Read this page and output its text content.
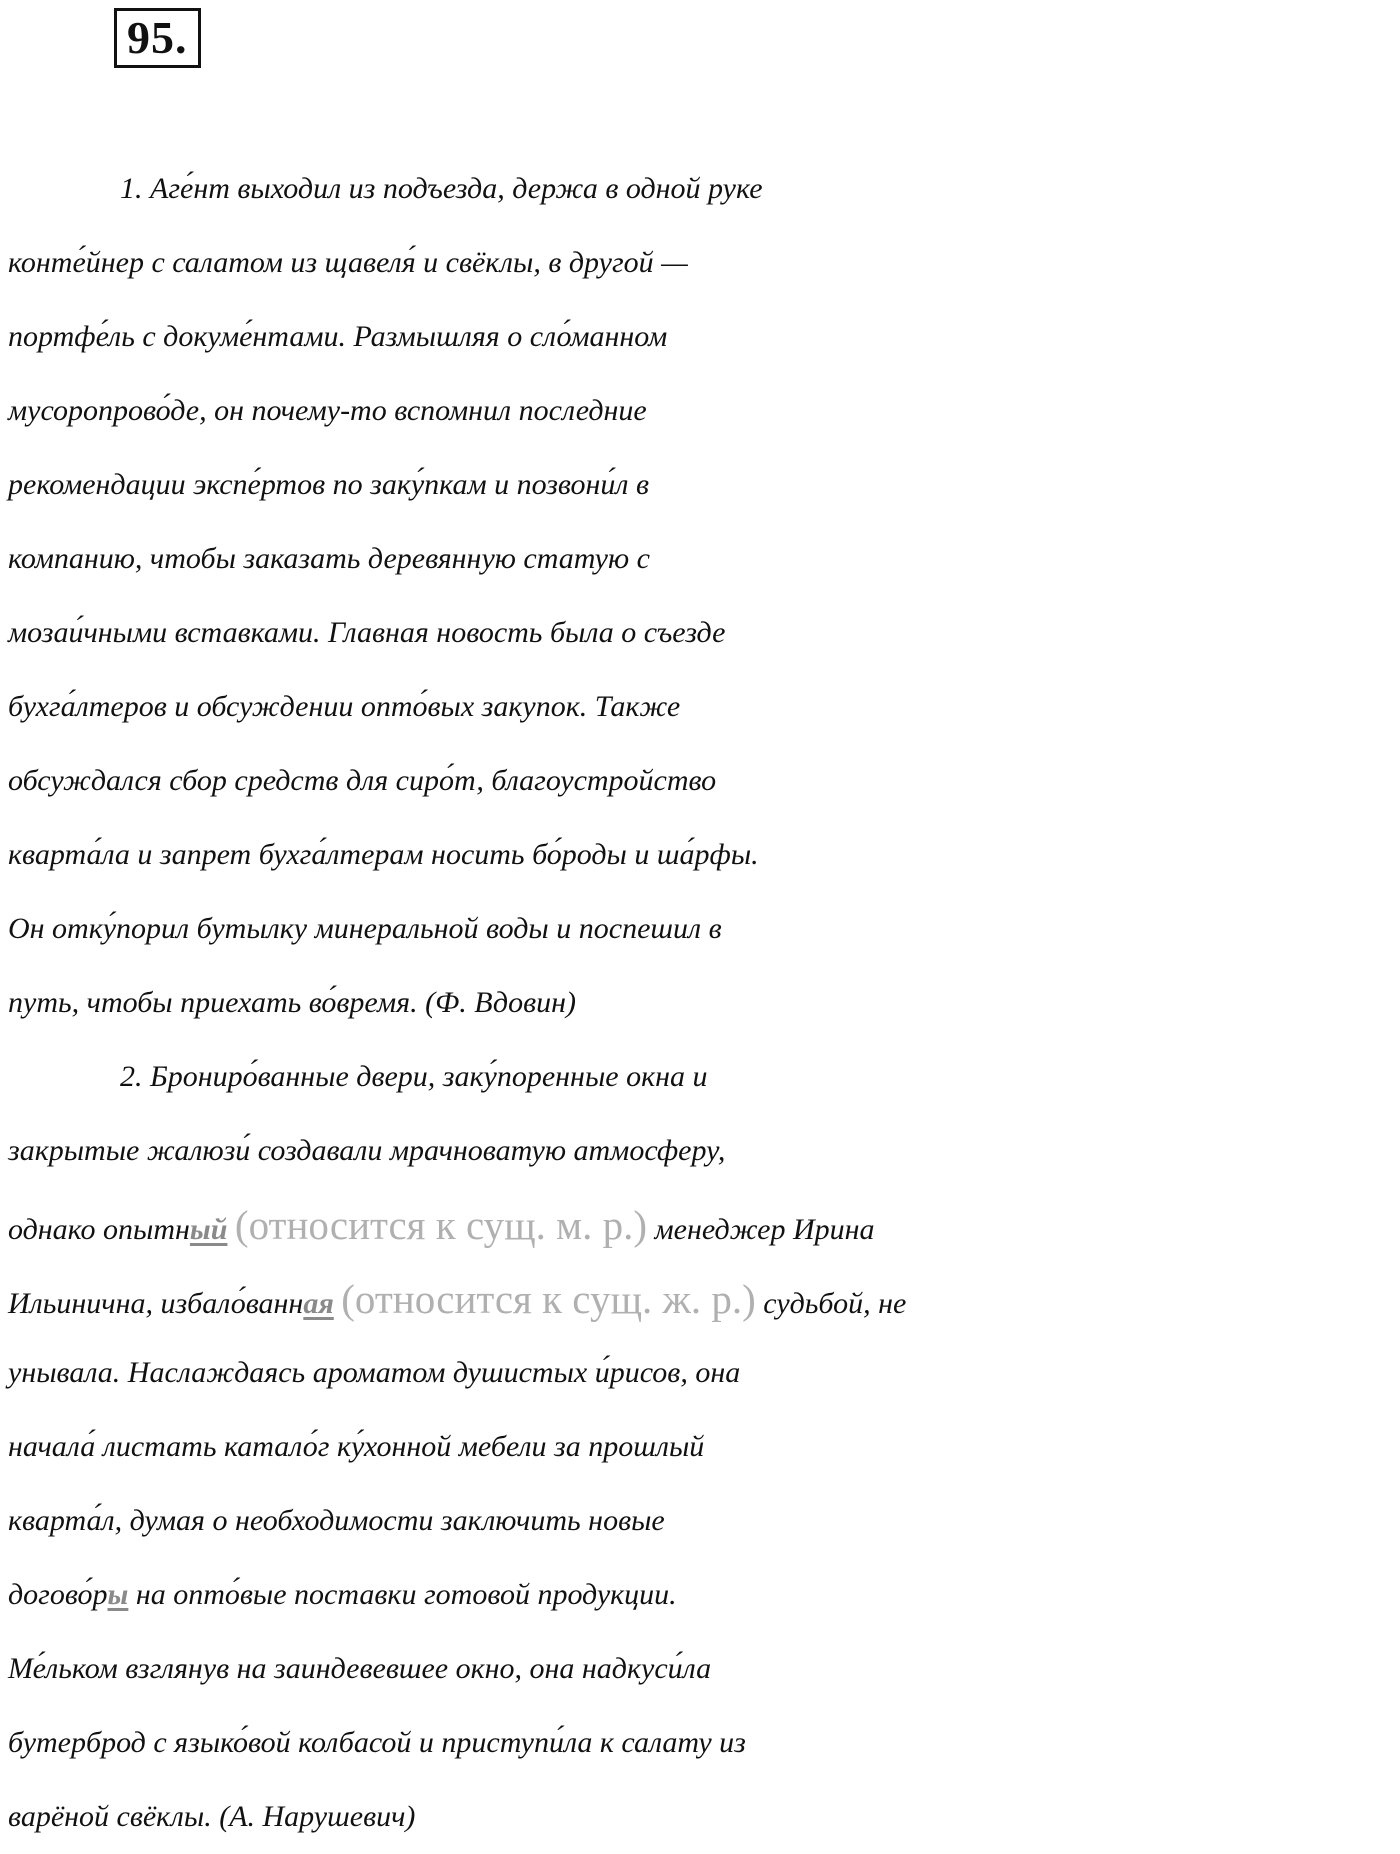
95.
1. Аге́нт выходил из подъезда, держа в одной руке
конте́йнер с салатом из щавеля́ и свёклы, в другой —
портфе́ль с докуме́нтами. Размышляя о сло́манном
мусоропрово́де, он почему-то вспомнил последние
рекомендации экспе́ртов по заку́пкам и позвони́л в
компанию, чтобы заказать деревянную статую с
мозаи́чными вставками. Главная новость была о съезде
бухга́лтеров и обсуждении опто́вых закупок. Также
обсуждался сбор средств для сиро́т, благоустройство
кварта́ла и запрет бухга́лтерам носить бо́роды и ша́рфы.
Он отку́порил бутылку минеральной воды и поспешил в
путь, чтобы приехать во́время. (Ф. Вдовин)
2. Брониро́ванные двери, заку́поренные окна и
закрытые жалюзи́ создавали мрачноватую атмосферу,
однако опытный (относится к сущ. м. р.) менеджер Ирина
Ильинична, избало́ванная (относится к сущ. ж. р.) судьбой, не
унывала. Наслаждаясь ароматом душистых и́рисов, она
начала́ листать катало́г ку́хонной мебели за прошлый
кварта́л, думая о необходимости заключить новые
догово́ры на опто́вые поставки готовой продукции.
Ме́льком взглянув на заиндевевшее окно, она надкуси́ла
бутерброд с языко́вой колбасой и приступи́ла к салату из
варёной свёклы. (А. Нарушевич)
